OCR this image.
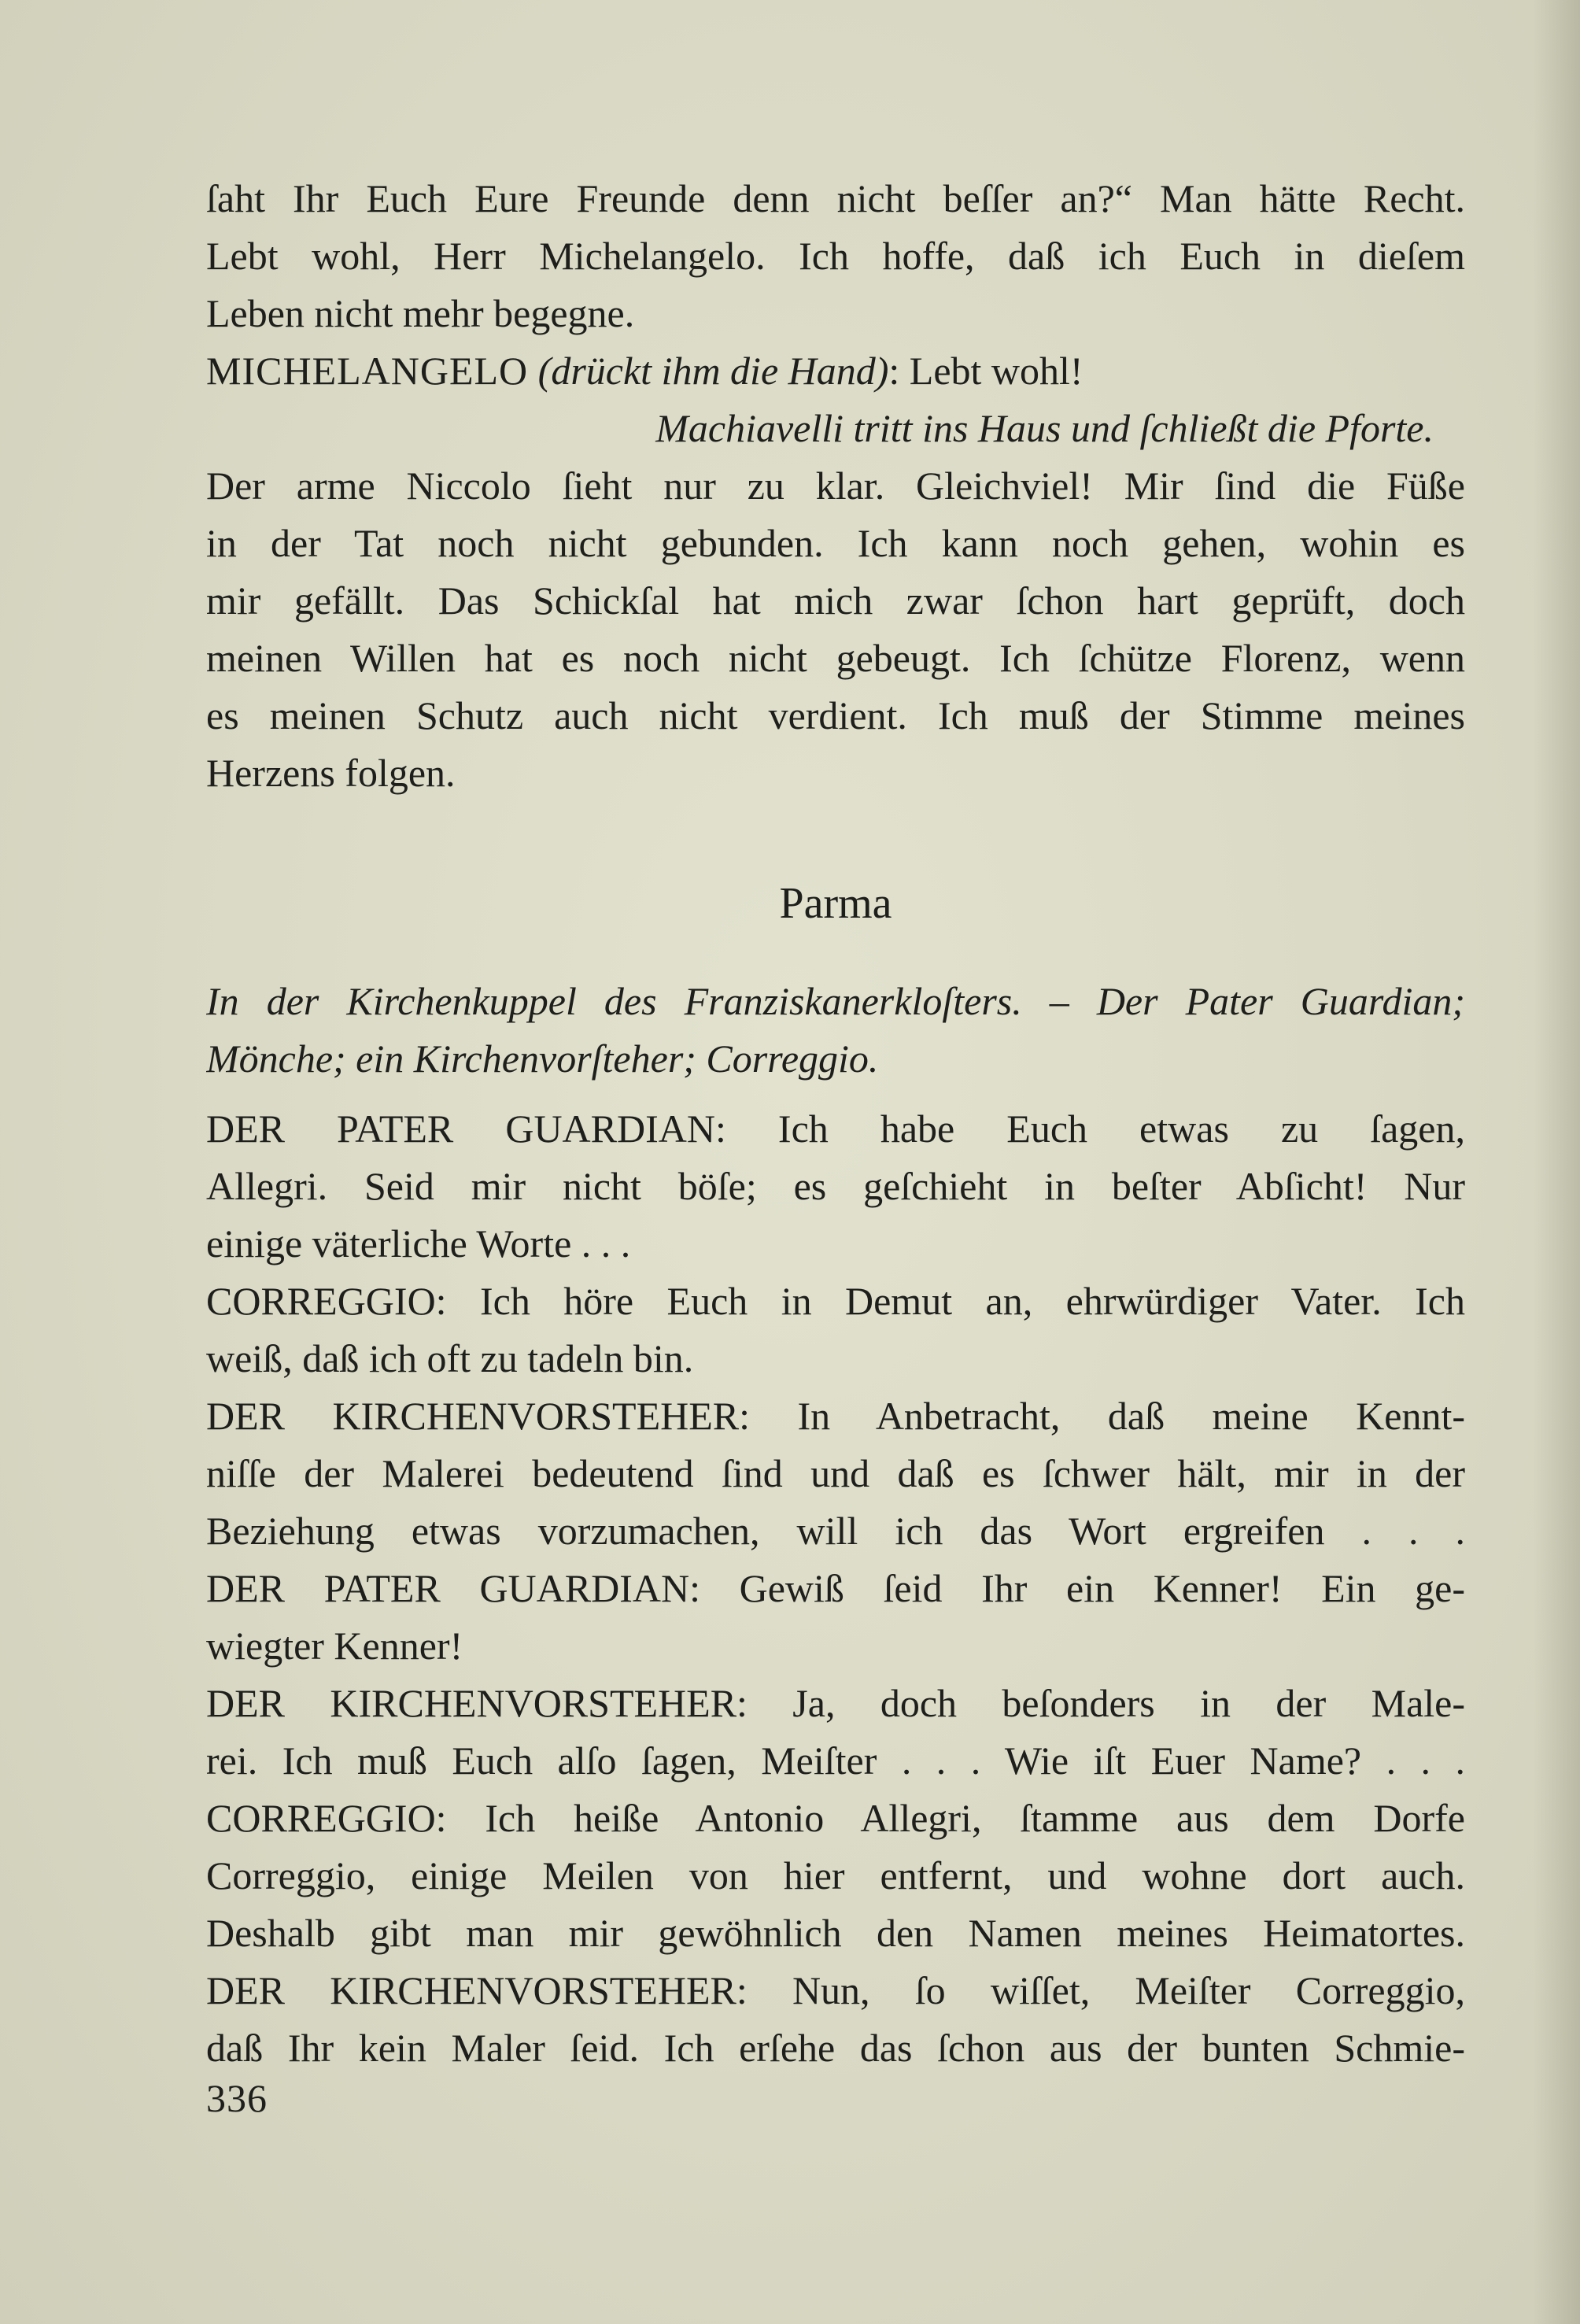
ſaht Ihr Euch Eure Freunde denn nicht beſſer an?“ Man hätte Recht.
Lebt wohl, Herr Michelangelo. Ich hoffe, daß ich Euch in dieſem
Leben nicht mehr begegne.
MICHELANGELO (drückt ihm die Hand): Lebt wohl!
Machiavelli tritt ins Haus und ſchließt die Pforte.
Der arme Niccolo ſieht nur zu klar. Gleichviel! Mir ſind die Füße
in der Tat noch nicht gebunden. Ich kann noch gehen, wohin es
mir gefällt. Das Schickſal hat mich zwar ſchon hart geprüft, doch
meinen Willen hat es noch nicht gebeugt. Ich ſchütze Florenz, wenn
es meinen Schutz auch nicht verdient. Ich muß der Stimme meines
Herzens folgen.
Parma
In der Kirchenkuppel des Franziskanerkloſters. – Der Pater Guardian;
Mönche; ein Kirchenvorſteher; Correggio.
DER PATER GUARDIAN: Ich habe Euch etwas zu ſagen,
Allegri. Seid mir nicht böſe; es geſchieht in beſter Abſicht! Nur
einige väterliche Worte . . .
CORREGGIO: Ich höre Euch in Demut an, ehrwürdiger Vater. Ich
weiß, daß ich oft zu tadeln bin.
DER KIRCHENVORSTEHER: In Anbetracht, daß meine Kennt-
niſſe der Malerei bedeutend ſind und daß es ſchwer hält, mir in der
Beziehung etwas vorzumachen, will ich das Wort ergreifen . . .
DER PATER GUARDIAN: Gewiß ſeid Ihr ein Kenner! Ein ge-
wiegter Kenner!
DER KIRCHENVORSTEHER: Ja, doch beſonders in der Male-
rei. Ich muß Euch alſo ſagen, Meiſter . . . Wie iſt Euer Name? . . .
CORREGGIO: Ich heiße Antonio Allegri, ſtamme aus dem Dorfe
Correggio, einige Meilen von hier entfernt, und wohne dort auch.
Deshalb gibt man mir gewöhnlich den Namen meines Heimatortes.
DER KIRCHENVORSTEHER: Nun, ſo wiſſet, Meiſter Correggio,
daß Ihr kein Maler ſeid. Ich erſehe das ſchon aus der bunten Schmie-
336
